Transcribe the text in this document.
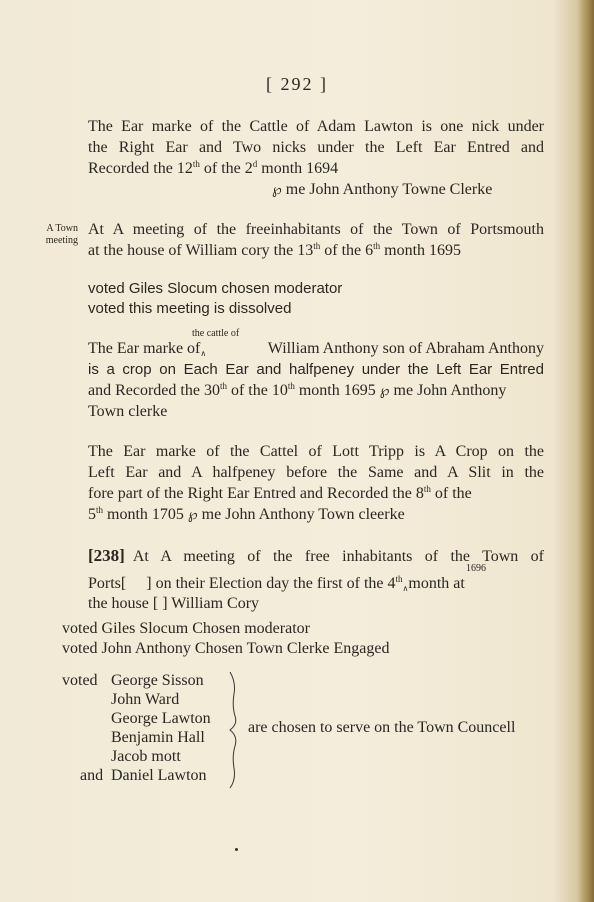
[ 292 ]
The Ear marke of the Cattle of Adam Lawton is one nick under
the Right Ear and Two nicks under the Left Ear Entred and
Recorded the 12th of the 2$^d$ month 1694
℘ me John Anthony Towne Clerke
A Town
meeting
At A meeting of the freeinhabitants of the Town of Portsmouth
at the house of William cory the 13th of the 6th month 1695
voted Giles Slocum chosen moderator
voted this meeting is dissolved
the cattle of
The Ear marke of∧	William Anthony son of Abraham Anthony
is a crop on Each Ear and halfpeney under the Left Ear Entred
and Recorded the 30th of the 10th month 1695 ℘ me John Anthony
Town clerke
The Ear marke of the Cattel of Lott Tripp is A Crop on the
Left Ear and A halfpeney before the Same and A Slit in the
fore part of the Right Ear Entred and Recorded the 8th of the
5th month 1705 ℘ me John Anthony Town cleerke
[238] At A meeting of the free inhabitants of the Town of
1696
Ports[ ] on their Election day the first of the 4th∧month at
the house [ ] William Cory
voted Giles Slocum Chosen moderator
voted John Anthony Chosen Town Clerke Engaged
voted George Sisson
John Ward
George Lawton
Benjamin Hall
Jacob mott
and Daniel Lawton
are chosen to serve on the Town Councell
